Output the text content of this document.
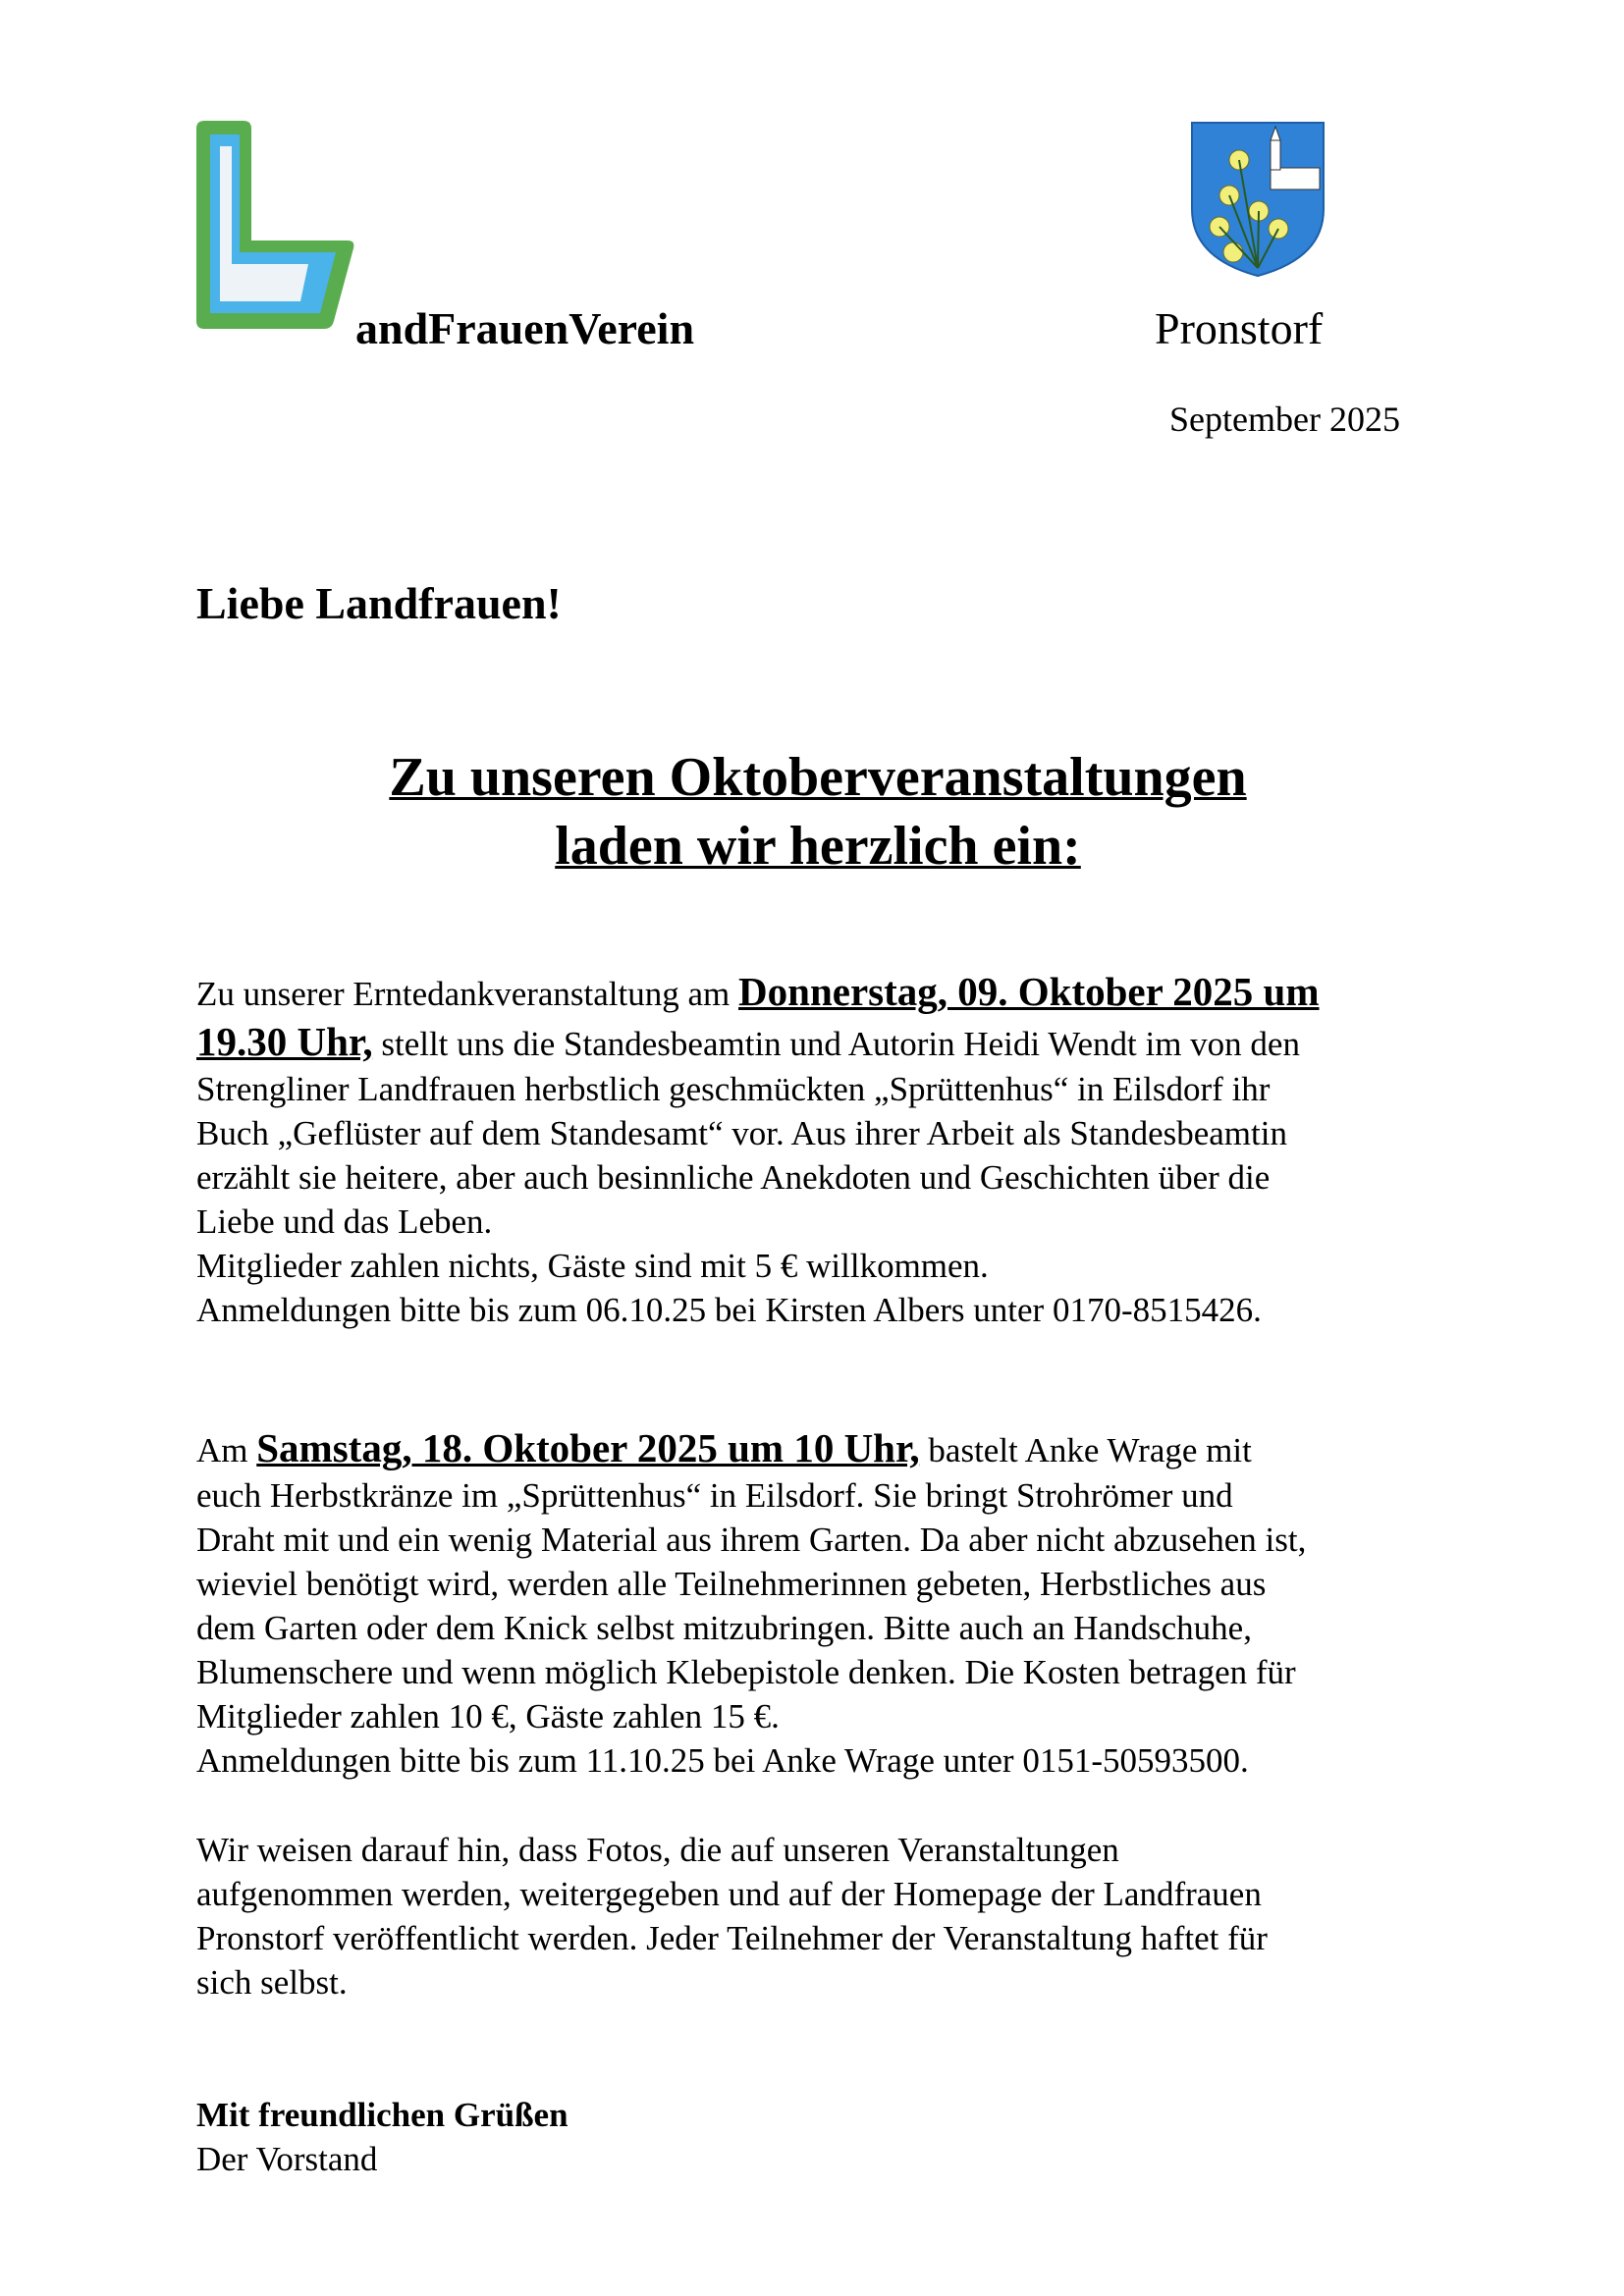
andFrauenVerein	Pronstorf
September 2025
Liebe Landfrauen!
Zu unseren Oktoberveranstaltungen
laden wir herzlich ein:
Zu unserer Erntedankveranstaltung am Donnerstag, 09. Oktober 2025 um
19.30 Uhr, stellt uns die Standesbeamtin und Autorin Heidi Wendt im von den
Strengliner Landfrauen herbstlich geschmückten „Sprüttenhus“ in Eilsdorf ihr
Buch „Geflüster auf dem Standesamt“ vor. Aus ihrer Arbeit als Standesbeamtin
erzählt sie heitere, aber auch besinnliche Anekdoten und Geschichten über die
Liebe und das Leben.
Mitglieder zahlen nichts, Gäste sind mit 5 € willkommen.
Anmeldungen bitte bis zum 06.10.25 bei Kirsten Albers unter 0170-8515426.
Am Samstag, 18. Oktober 2025 um 10 Uhr, bastelt Anke Wrage mit
euch Herbstkränze im „Sprüttenhus“ in Eilsdorf. Sie bringt Strohrömer und
Draht mit und ein wenig Material aus ihrem Garten. Da aber nicht abzusehen ist,
wieviel benötigt wird, werden alle Teilnehmerinnen gebeten, Herbstliches aus
dem Garten oder dem Knick selbst mitzubringen. Bitte auch an Handschuhe,
Blumenschere und wenn möglich Klebepistole denken. Die Kosten betragen für
Mitglieder zahlen 10 €, Gäste zahlen 15 €.
Anmeldungen bitte bis zum 11.10.25 bei Anke Wrage unter 0151-50593500.
Wir weisen darauf hin, dass Fotos, die auf unseren Veranstaltungen
aufgenommen werden, weitergegeben und auf der Homepage der Landfrauen
Pronstorf veröffentlicht werden. Jeder Teilnehmer der Veranstaltung haftet für
sich selbst.
Mit freundlichen Grüßen
Der Vorstand
